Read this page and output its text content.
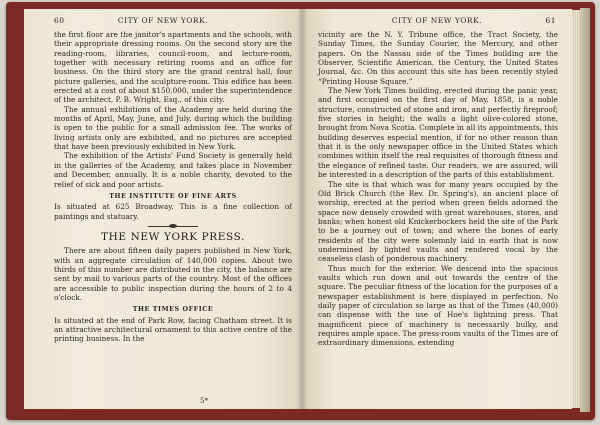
60	CITY OF NEW YORK.

the first floor are the janitor's apartments and the schools, with their appropriate dressing rooms. On the second story are the reading-room, libraries, council-room, and lecture-room, together with necessary retiring rooms and an office for business. On the third story are the grand central hall, four picture galleries, and the sculpture-room. This edifice has been erected at a cost of about $150,000, under the superintendence of the architect, P. B. Wright, Esq., of this city.

The annual exhibitions of the Academy are held during the months of April, May, June, and July, during which the building is open to the public for a small admission fee. The works of living artists only are exhibited, and no pictures are accepted that have been previously exhibited in New York.

The exhibition of the Artists' Fund Society is generally held in the galleries of the Academy, and takes place in November and December, annually. It is a noble charity, devoted to the relief of sick and poor artists.

THE INSTITUTE OF FINE ARTS

Is situated at 625 Broadway. This is a fine collection of paintings and statuary.

THE NEW YORK PRESS.

There are about fifteen daily papers published in New York, with an aggregate circulation of 140,000 copies. About two thirds of this number are distributed in the city, the balance are sent by mail to various parts of the country. Most of the offices are accessible to public inspection during the hours of 2 to 4 o'clock.

THE TIMES OFFICE

Is situated at the end of Park Row, facing Chatham street. It is an attractive architectural ornament to this active centre of the printing business. In the

5*
CITY OF NEW YORK.	61

vicinity are the N. Y. Tribune office, the Tract Society, the Sunday Times, the Sunday Courier, the Mercury, and other papers. On the Nassau side of the Times building are the Observer, Scientific American, the Century, the United States Journal, &c. On this account this site has been recently styled “Printing House Square.”

The New York Times building, erected during the panic year, and first occupied on the first day of May, 1858, is a noble structure, constructed of stone and iron, and perfectly fireproof; five stories in height; the walls a light olive-colored stone, brought from Nova Scotia. Complete in all its appointments, this building deserves especial mention, if for no other reason than that it is the only newspaper office in the United States which combines within itself the real requisites of thorough fitness and the elegance of refined taste. Our readers, we are assured, will be interested in a description of the parts of this establishment.

The site is that which was for many years occupied by the Old Brick Church (the Rev. Dr. Spring's), an ancient place of worship, erected at the period when green fields adorned the space now densely crowded with great warehouses, stores, and banks; when honest old Knickerbockers held the site of the Park to be a journey out of town; and where the bones of early residents of the city were solemnly laid in earth that is now undermined by lighted vaults and rendered vocal by the ceaseless clash of ponderous machinery.

Thus much for the exterior. We descend into the spacious vaults which run down and out towards the centre of the square. The peculiar fitness of the location for the purposes of a newspaper establishment is here displayed in perfection. No daily paper of circulation so large as that of the Times (40,000) can dispense with the use of Hoe's lightning press. That magnificent piece of machinery is necessarily bulky, and requires ample space. The press-room vaults of the Times are of extraordinary dimensions, extending
